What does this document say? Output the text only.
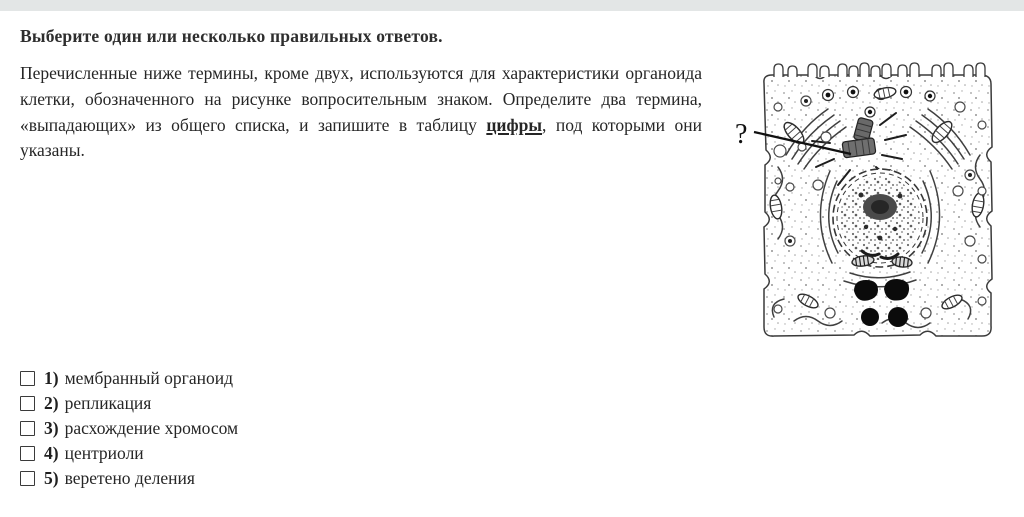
Выберите один или несколько правильных ответов.

Перечисленные ниже термины, кроме двух, используются для характеристики органоида клетки, обозначенного на рисунке вопросительным знаком. Определите два термина, «выпадающих» из общего списка, и запишите в таблицу цифры, под которыми они указаны.

?
1) мембранный органоид
2) репликация
3) расхождение хромосом
4) центриоли
5) веретено деления
